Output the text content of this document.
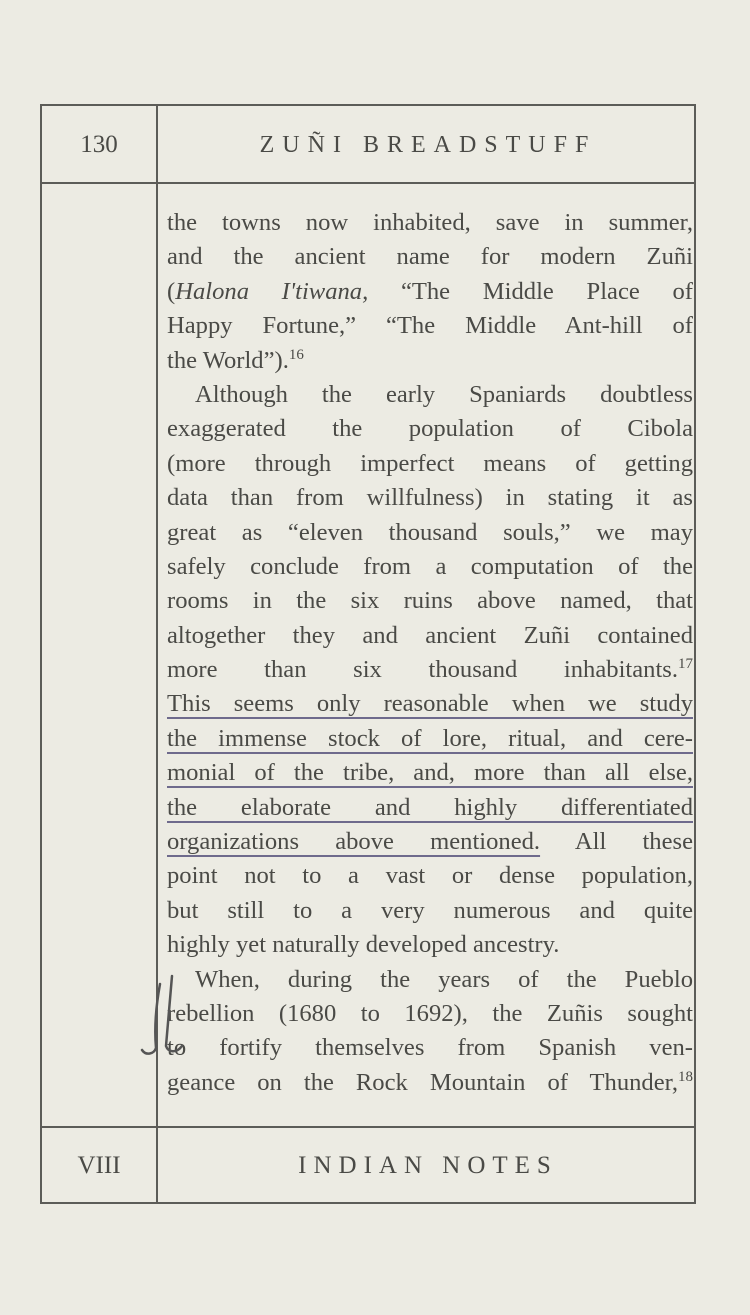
130	ZUÑI BREADSTUFF
VIII	INDIAN NOTES
the towns now inhabited, save in summer,
and the ancient name for modern Zuñi
(Halona I'tiwana, “The Middle Place of
Happy Fortune,” “The Middle Ant-hill of
the World”).$^{16}$
Although the early Spaniards doubtless
exaggerated the population of Cibola
(more through imperfect means of getting
data than from willfulness) in stating it as
great as “eleven thousand souls,” we may
safely conclude from a computation of the
rooms in the six ruins above named, that
altogether they and ancient Zuñi contained
more than six thousand inhabitants.$^{17}$
This seems only reasonable when we study
the immense stock of lore, ritual, and cere-
monial of the tribe, and, more than all else,
the elaborate and highly differentiated
organizations above mentioned. All these
point not to a vast or dense population,
but still to a very numerous and quite
highly yet naturally developed ancestry.
When, during the years of the Pueblo
rebellion (1680 to 1692), the Zuñis sought
to fortify themselves from Spanish ven-
geance on the Rock Mountain of Thunder,$^{18}$
